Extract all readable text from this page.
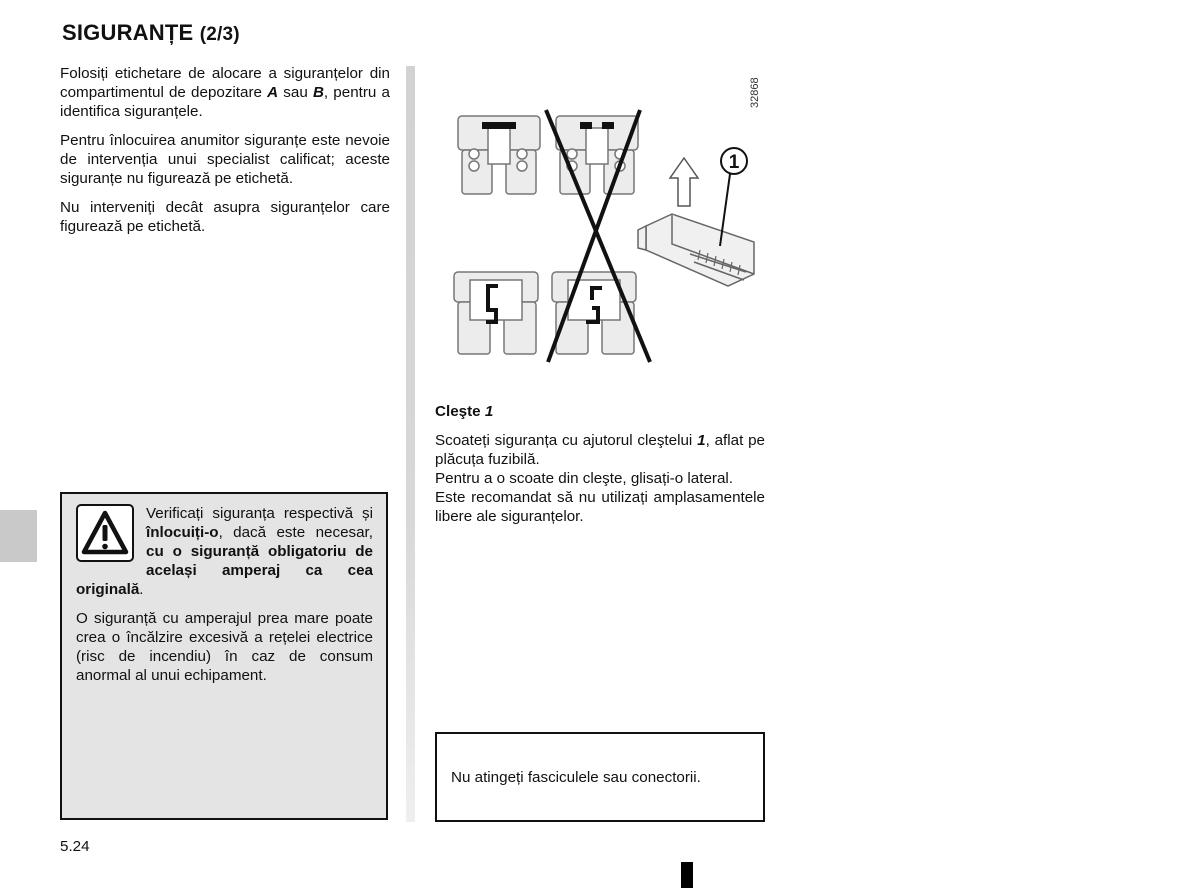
SIGURANȚE (2/3)

Folosiți etichetare de alocare a siguranțelor din compartimentul de depozitare A sau B, pentru a identifica siguranțele.

Pentru înlocuirea anumitor siguranțe este nevoie de intervenția unui specialist calificat; aceste siguranțe nu figurează pe etichetă.

Nu interveniți decât asupra siguranțelor care figurează pe etichetă.

Verificați siguranța respectivă și înlocuiți-o, dacă este necesar, cu o siguranță obligatoriu de același amperaj ca cea originală.

O siguranță cu amperajul prea mare poate crea o încălzire excesivă a rețelei electrice (risc de incendiu) în caz de consum anormal al unui echipament.

1
32868

Cleşte 1

Scoateți siguranța cu ajutorul cleştelui 1, aflat pe plăcuța fuzibilă.

Pentru a o scoate din cleşte, glisați-o lateral.

Este recomandat să nu utilizați amplasamentele libere ale siguranțelor.

Nu atingeți fasciculele sau conectorii.
5.24
